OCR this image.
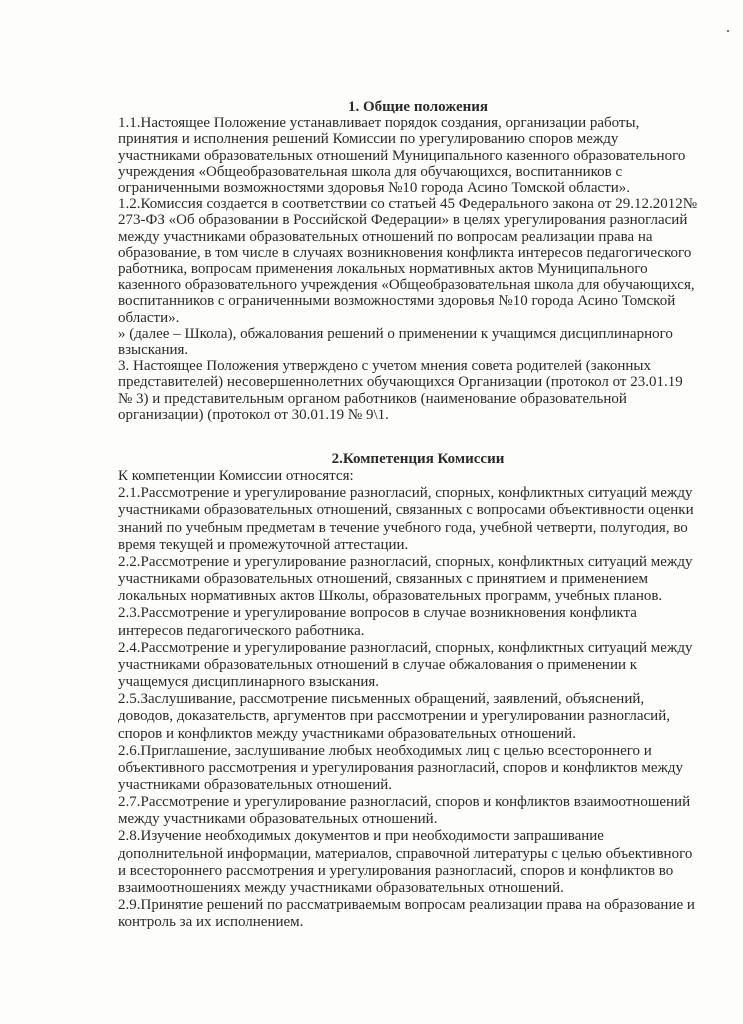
1. Общие положения
1.1.Настоящее Положение устанавливает порядок создания, организации работы,
принятия и исполнения решений Комиссии по урегулированию споров между
участниками образовательных отношений Муниципального казенного образовательного
учреждения «Общеобразовательная школа для обучающихся, воспитанников с
ограниченными возможностями здоровья №10 города Асино Томской области».
1.2.Комиссия создается в соответствии со статьей 45 Федерального закона от 29.12.2012№
273-ФЗ «Об образовании в Российской Федерации» в целях урегулирования разногласий
между участниками образовательных отношений по вопросам реализации права на
образование, в том числе в случаях возникновения конфликта интересов педагогического
работника, вопросам применения локальных нормативных актов Муниципального
казенного образовательного учреждения «Общеобразовательная школа для обучающихся,
воспитанников с ограниченными возможностями здоровья №10 города Асино Томской
области».
» (далее – Школа), обжалования решений о применении к учащимся дисциплинарного
взыскания.
3. Настоящее Положения утверждено с учетом мнения совета родителей (законных
представителей) несовершеннолетних обучающихся Организации (протокол от 23.01.19
№ 3) и представительным органом работников (наименование образовательной
организации) (протокол от 30.01.19 № 9\1.
2.Компетенция Комиссии
К компетенции Комиссии относятся:
2.1.Рассмотрение и урегулирование разногласий, спорных, конфликтных ситуаций между
участниками образовательных отношений, связанных с вопросами объективности оценки
знаний по учебным предметам в течение учебного года, учебной четверти, полугодия, во
время текущей и промежуточной аттестации.
2.2.Рассмотрение и урегулирование разногласий, спорных, конфликтных ситуаций между
участниками образовательных отношений, связанных с принятием и применением
локальных нормативных актов Школы, образовательных программ, учебных планов.
2.3.Рассмотрение и урегулирование вопросов в случае возникновения конфликта
интересов педагогического работника.
2.4.Рассмотрение и урегулирование разногласий, спорных, конфликтных ситуаций между
участниками образовательных отношений в случае обжалования о применении к
учащемуся дисциплинарного взыскания.
2.5.Заслушивание, рассмотрение письменных обращений, заявлений, объяснений,
доводов, доказательств, аргументов при рассмотрении и урегулировании разногласий,
споров и конфликтов между участниками образовательных отношений.
2.6.Приглашение, заслушивание любых необходимых лиц с целью всестороннего и
объективного рассмотрения и урегулирования разногласий, споров и конфликтов между
участниками образовательных отношений.
2.7.Рассмотрение и урегулирование разногласий, споров и конфликтов взаимоотношений
между участниками образовательных отношений.
2.8.Изучение необходимых документов и при необходимости запрашивание
дополнительной информации, материалов, справочной литературы с целью объективного
и всестороннего рассмотрения и урегулирования разногласий, споров и конфликтов во
взаимоотношениях между участниками образовательных отношений.
2.9.Принятие решений по рассматриваемым вопросам реализации права на образование и
контроль за их исполнением.
